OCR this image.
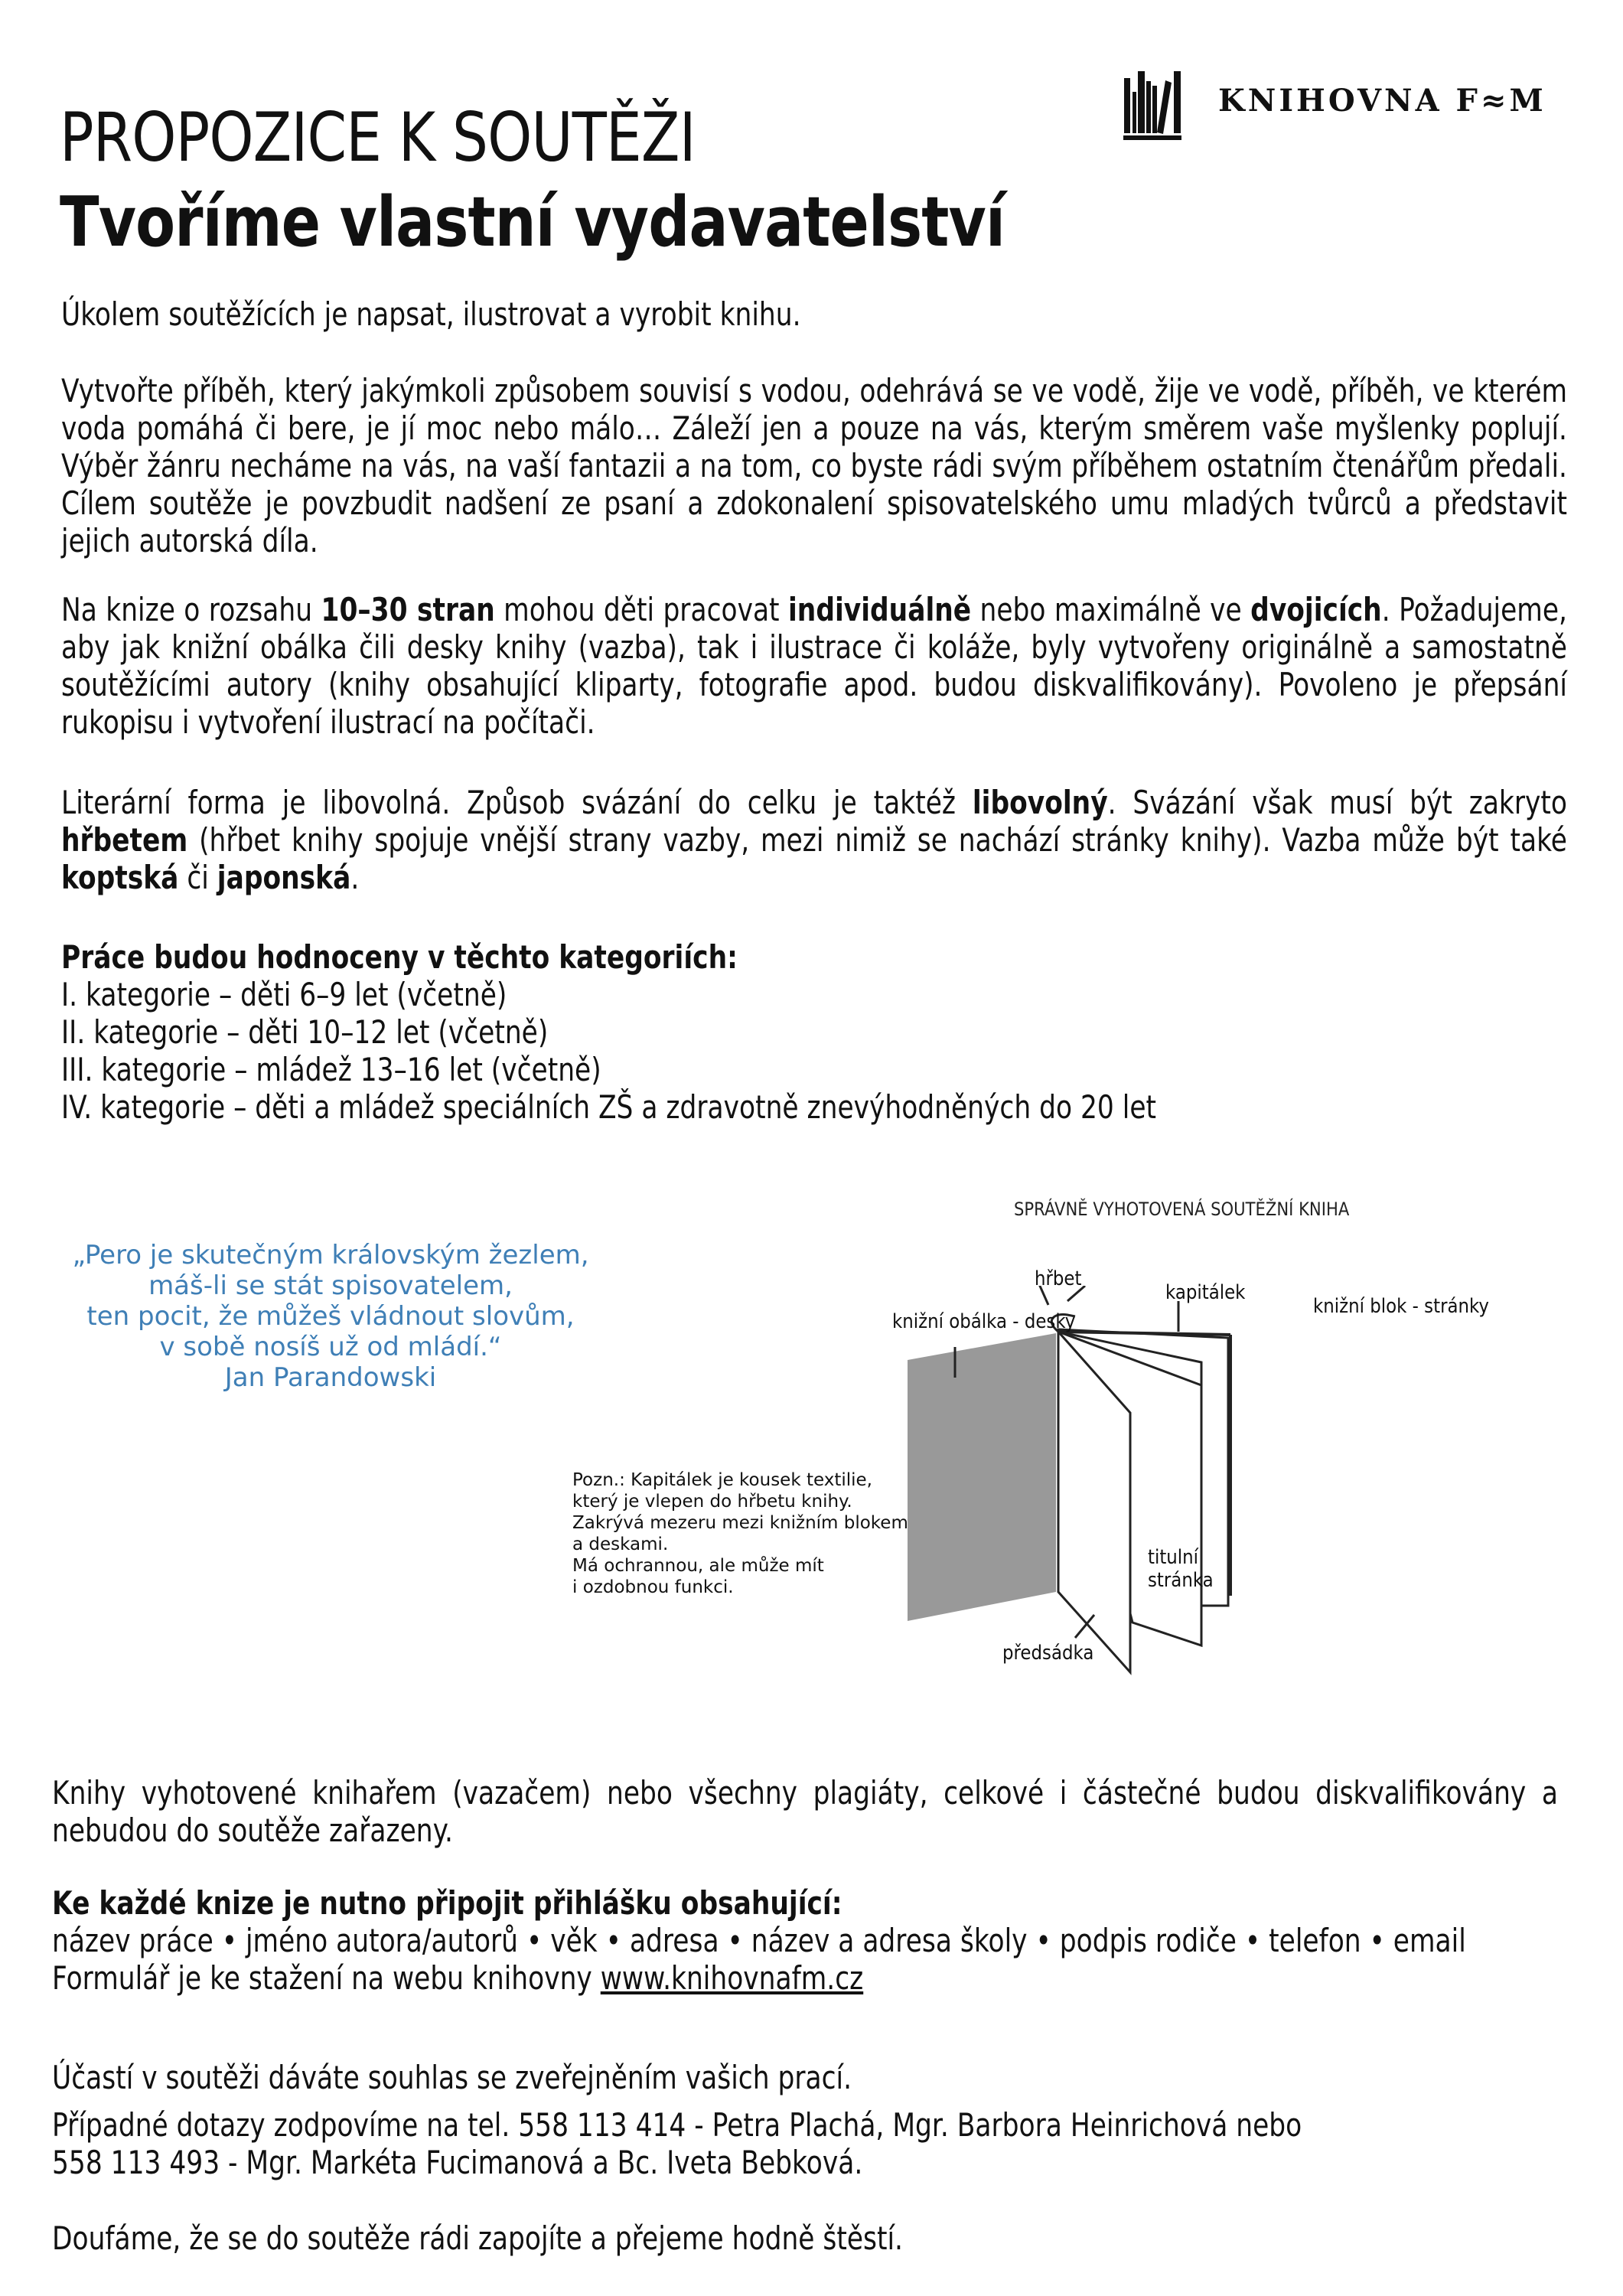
KNIHOVNA F≈M
PROPOZICE K SOUTĚŽI
Tvoříme vlastní vydavatelství
Úkolem soutěžících je napsat, ilustrovat a vyrobit knihu.
Vytvořte příběh, který jakýmkoli způsobem souvisí s vodou, odehrává se ve vodě, žije ve vodě, příběh, ve kterém voda pomáhá či bere, je jí moc nebo málo… Záleží jen a pouze na vás, kterým směrem vaše myšlenky poplují. Výběr žánru necháme na vás, na vaší fantazii a na tom, co byste rádi svým příběhem ostatním čtenářům předali. Cílem soutěže je povzbudit nadšení ze psaní a zdokonalení spisovatelského umu mladých tvůrců a představit jejich autorská díla.
Na knize o rozsahu 10–30 stran mohou děti pracovat individuálně nebo maximálně ve dvojicích. Požadujeme, aby jak knižní obálka čili desky knihy (vazba), tak i ilustrace či koláže, byly vytvořeny originálně a samostatně soutěžícími autory (knihy obsahující kliparty, fotografie apod. budou diskvalifikovány). Povoleno je přepsání rukopisu i vytvoření ilustrací na počítači.
Literární forma je libovolná. Způsob svázání do celku je taktéž libovolný. Svázání však musí být zakryto hřbetem (hřbet knihy spojuje vnější strany vazby, mezi nimiž se nachází stránky knihy). Vazba může být také koptská či japonská.
Práce budou hodnoceny v těchto kategoriích:
I. kategorie – děti 6–9 let (včetně)
II. kategorie – děti 10–12 let (včetně)
III. kategorie – mládež 13–16 let (včetně)
IV. kategorie – děti a mládež speciálních ZŠ a zdravotně znevýhodněných do 20 let
„Pero je skutečným královským žezlem,
máš-li se stát spisovatelem,
ten pocit, že můžeš vládnout slovům,
v sobě nosíš už od mládí.“
Jan Parandowski
SPRÁVNĚ VYHOTOVENÁ SOUTĚŽNÍ KNIHA
hřbet
kapitálek
knižní blok - stránky
knižní obálka - desky
titulní
stránka
předsádka
Pozn.: Kapitálek je kousek textilie,
který je vlepen do hřbetu knihy.
Zakrývá mezeru mezi knižním blokem
a deskami.
Má ochrannou, ale může mít
i ozdobnou funkci.
Knihy vyhotovené knihařem (vazačem) nebo všechny plagiáty, celkové i částečné budou diskvalifikovány a nebudou do soutěže zařazeny.
Ke každé knize je nutno připojit přihlášku obsahující:
název práce • jméno autora/autorů • věk • adresa • název a adresa školy • podpis rodiče • telefon • email
Formulář je ke stažení na webu knihovny www.knihovnafm.cz
Účastí v soutěži dáváte souhlas se zveřejněním vašich prací.
Případné dotazy zodpovíme na tel. 558 113 414 - Petra Plachá, Mgr. Barbora Heinrichová nebo
558 113 493 - Mgr. Markéta Fucimanová a Bc. Iveta Bebková.
Doufáme, že se do soutěže rádi zapojíte a přejeme hodně štěstí.
